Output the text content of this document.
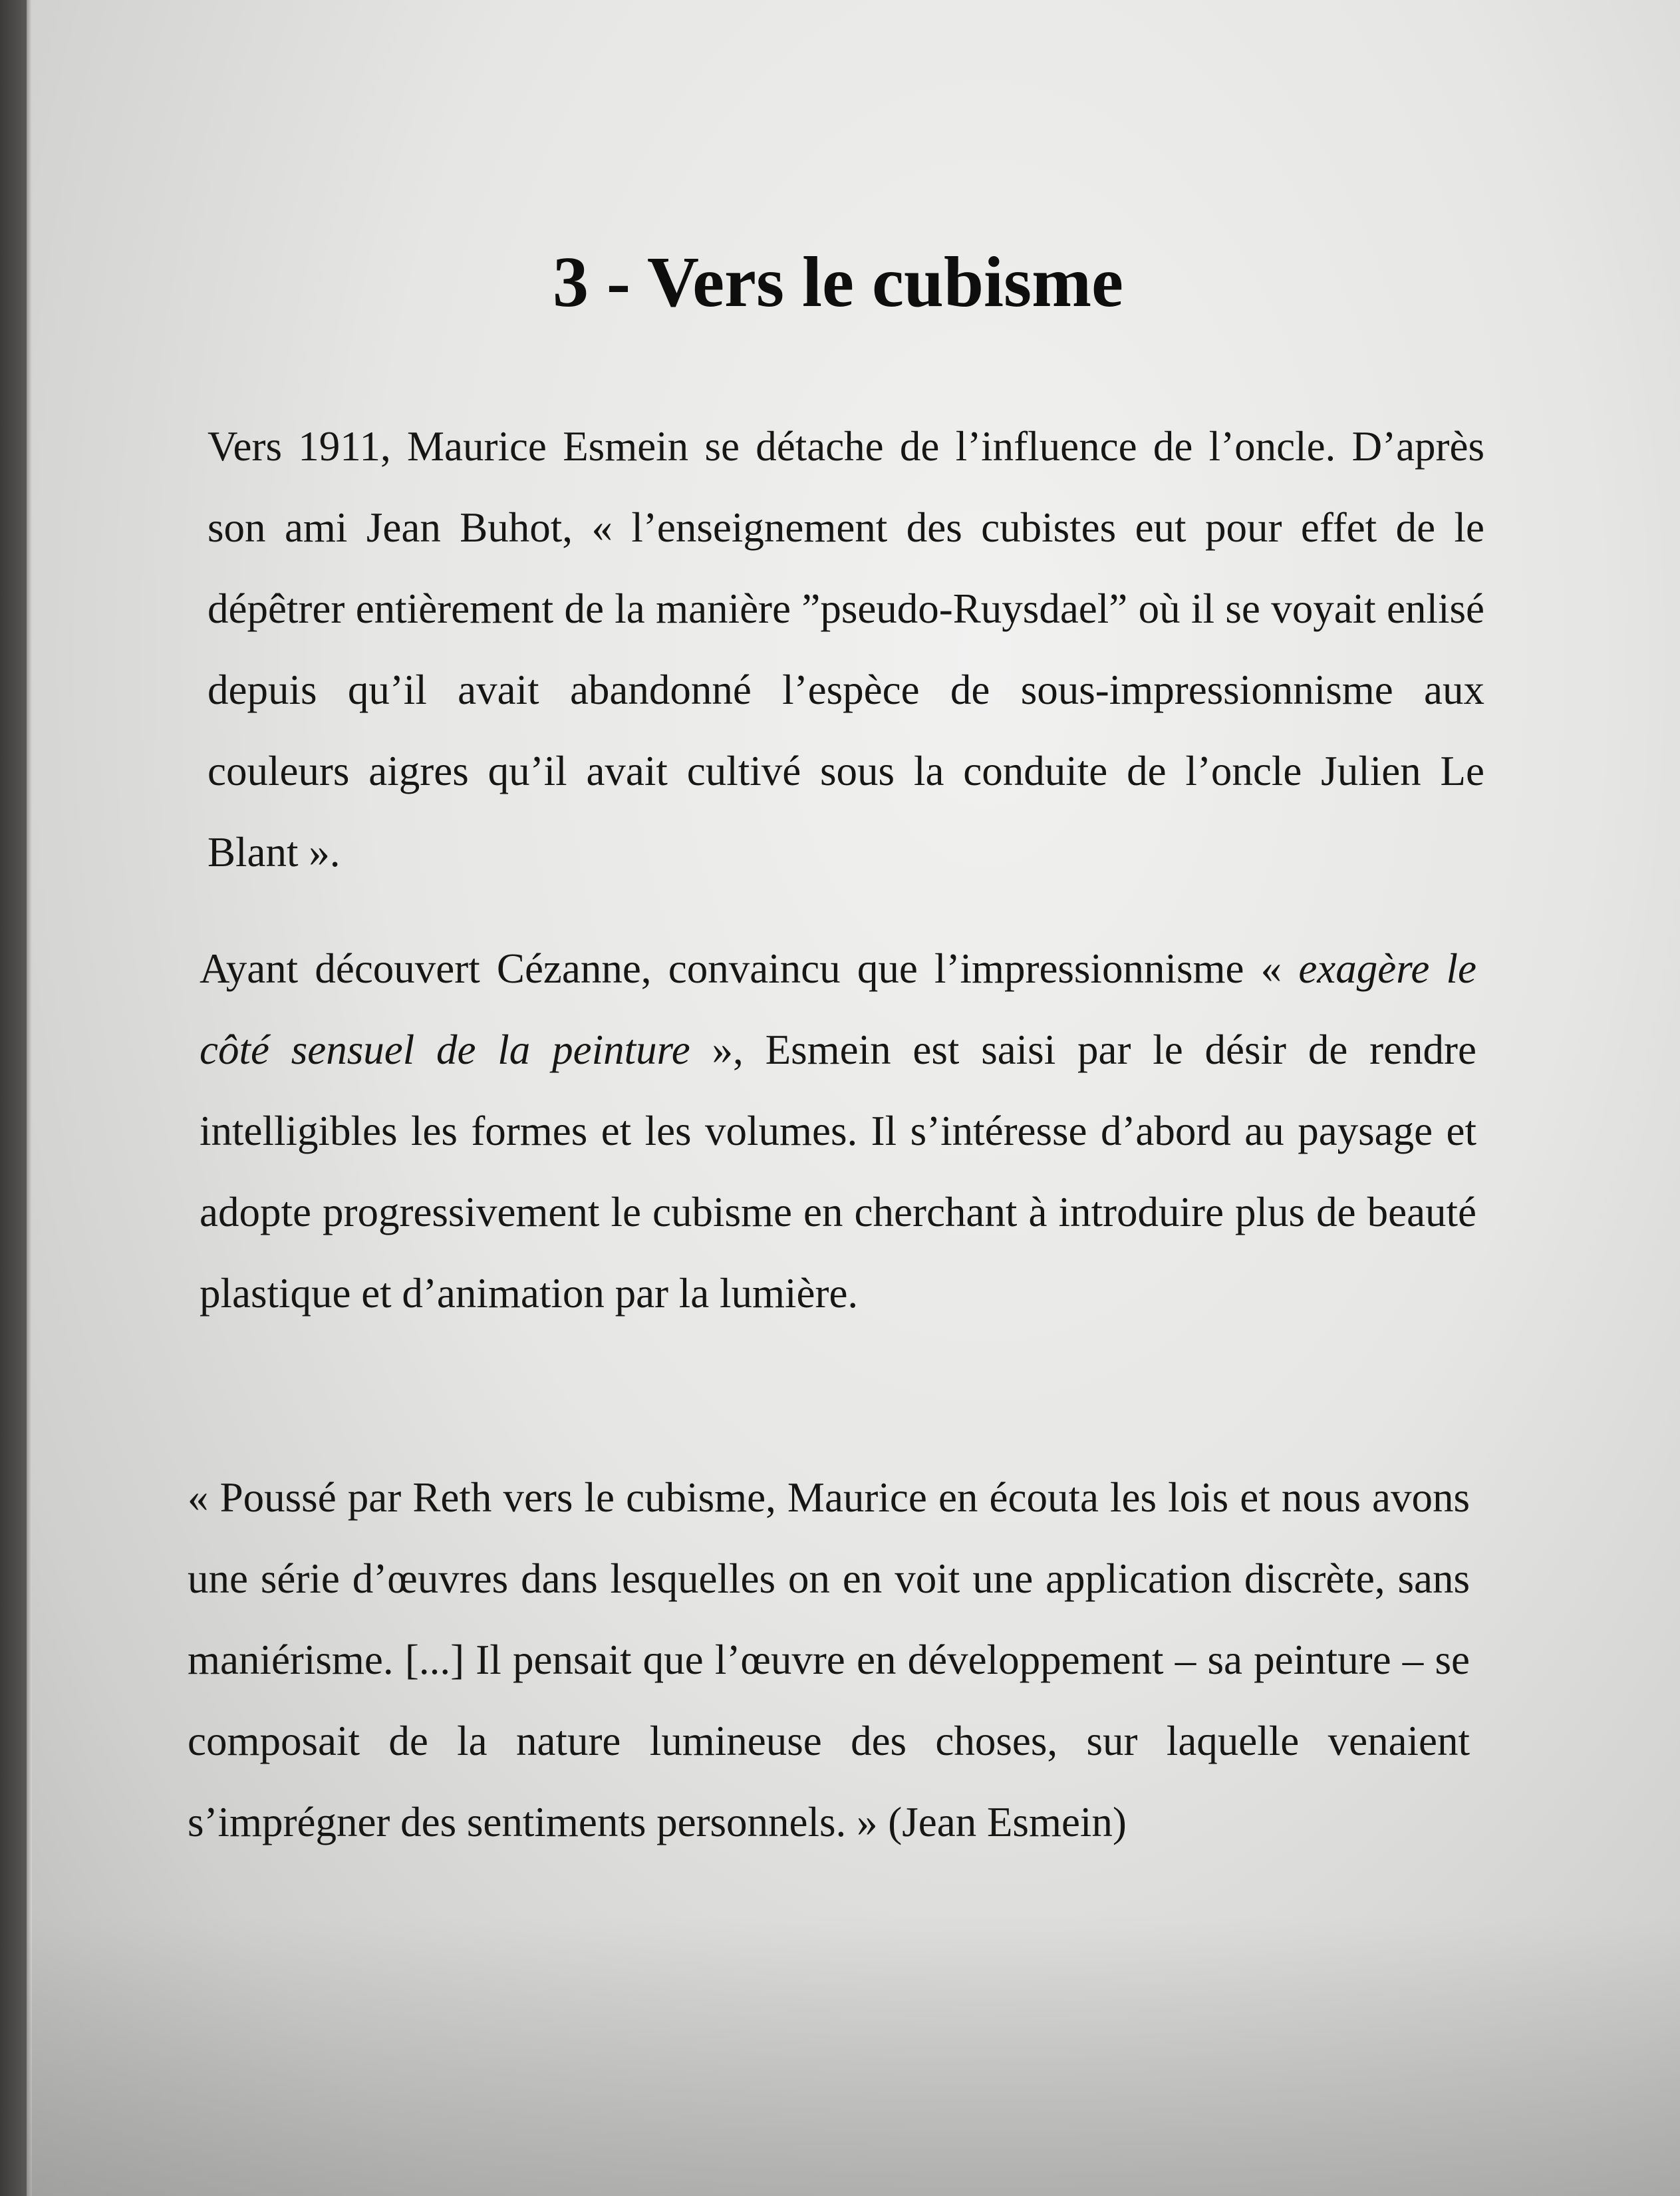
3 - Vers le cubisme
Vers 1911, Maurice Esmein se détache de l’influence de l’oncle. D’après son ami Jean Buhot, « l’enseignement des cubistes eut pour effet de le dépêtrer entièrement de la manière ”pseudo-Ruysdael” où il se voyait enlisé depuis qu’il avait abandonné l’espèce de sous-impressionnisme aux couleurs aigres qu’il avait cultivé sous la conduite de l’oncle Julien Le Blant ».
Ayant découvert Cézanne, convaincu que l’impressionnisme « exagère le côté sensuel de la peinture », Esmein est saisi par le désir de rendre intelligibles les formes et les volumes. Il s’intéresse d’abord au paysage et adopte progressivement le cubisme en cherchant à introduire plus de beauté plastique et d’animation par la lumière.
« Poussé par Reth vers le cubisme, Maurice en écouta les lois et nous avons une série d’œuvres dans lesquelles on en voit une application discrète, sans maniérisme. [...] Il pensait que l’œuvre en développement – sa peinture – se composait de la nature lumineuse des choses, sur laquelle venaient s’imprégner des sentiments personnels. » (Jean Esmein)
